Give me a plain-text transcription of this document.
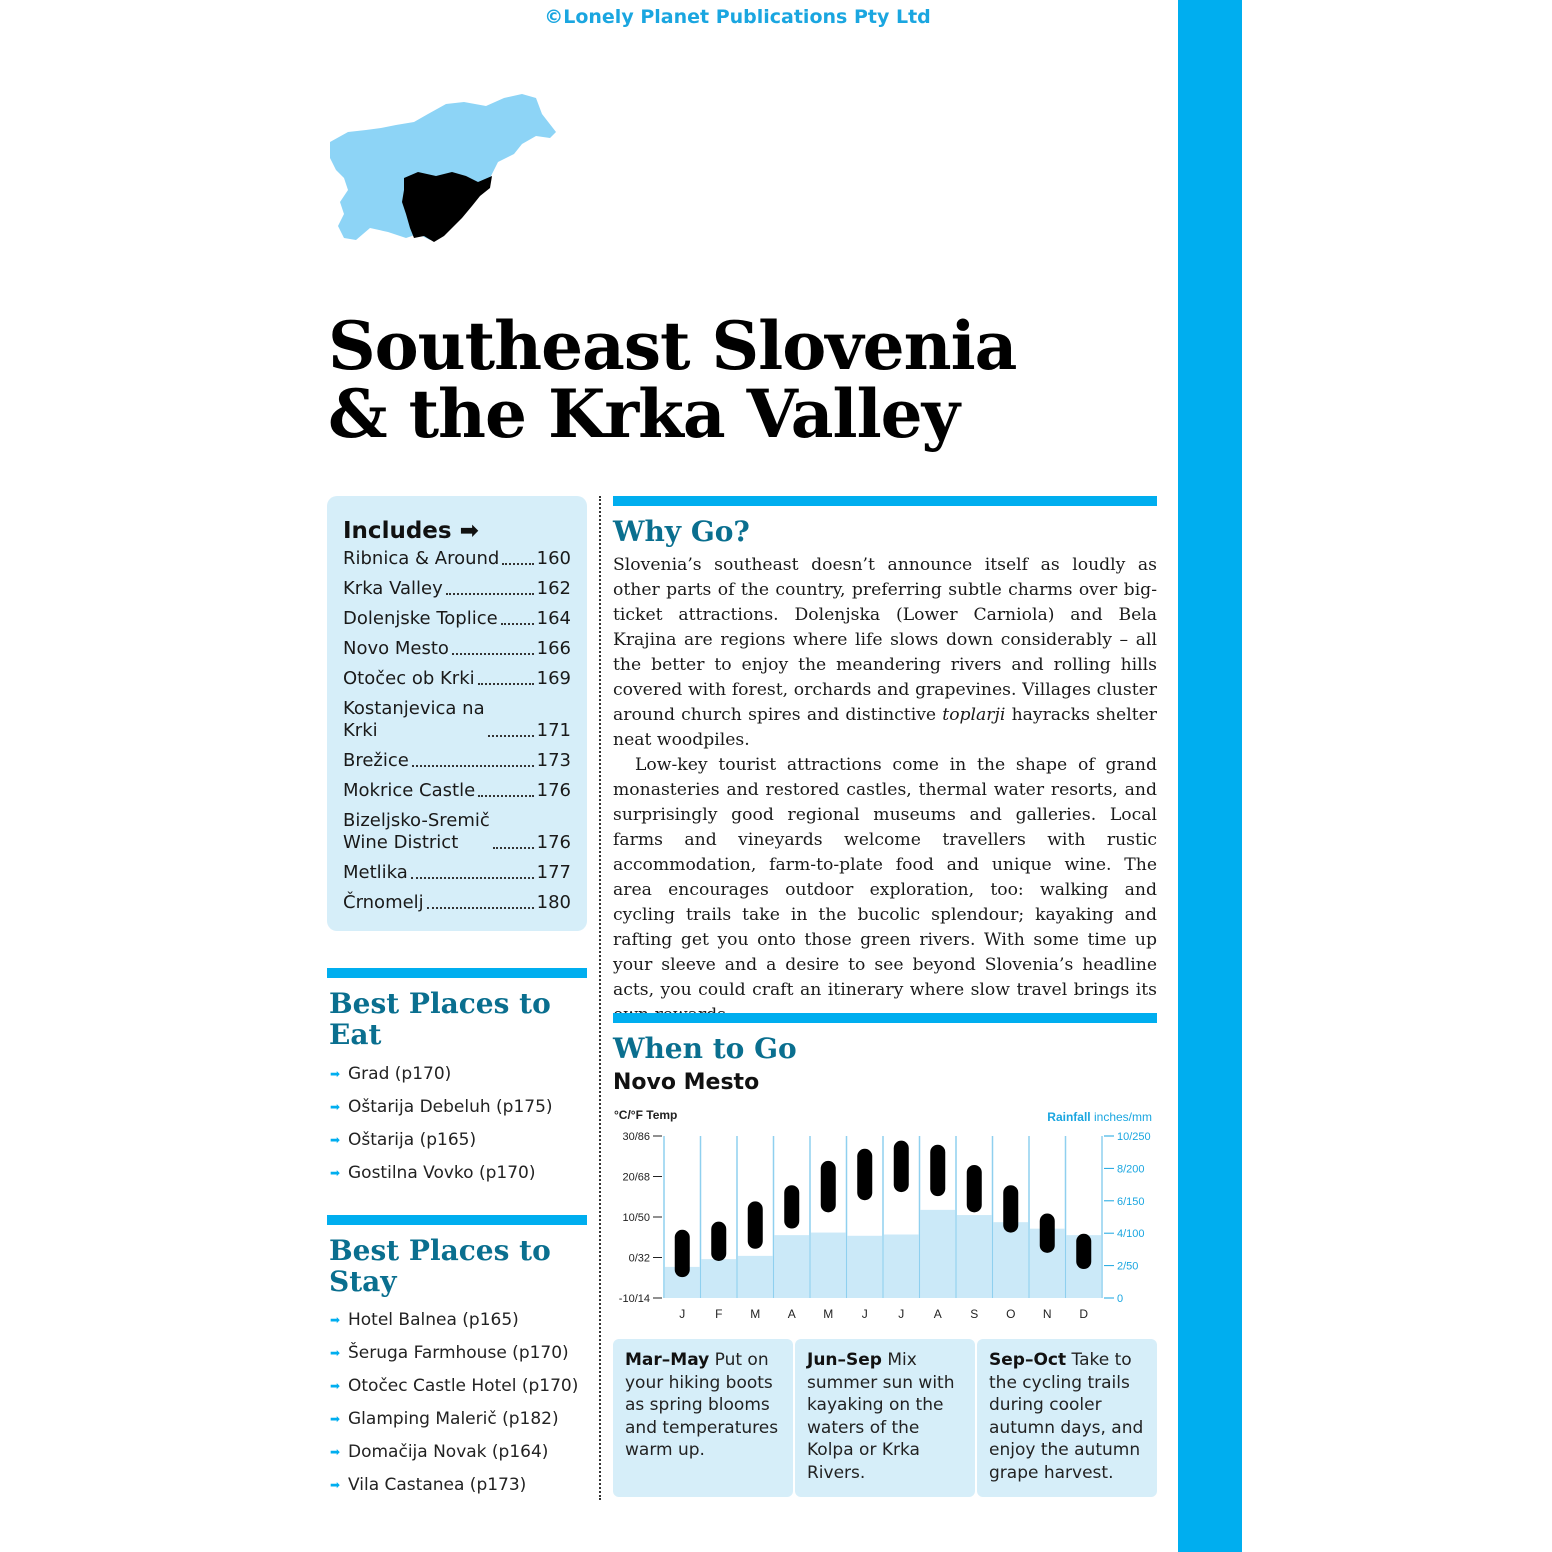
©Lonely Planet Publications Pty Ltd
Southeast Slovenia & the Krka Valley
Includes ➡
Ribnica & Around 160
Krka Valley	162
Dolenjske Toplice 164
Novo Mesto	166
Otočec ob Krki	169
Kostanjevica na
Krki	171
Brežice	173
Mokrice Castle	176
Bizeljsko-Sremič
Wine District	176
Metlika	177
Črnomelj	180
Best Places to Eat
➡ Grad (p170)
➡ Oštarija Debeluh (p175)
➡ Oštarija (p165)
➡ Gostilna Vovko (p170)
Best Places to Stay
➡ Hotel Balnea (p165)
➡ Šeruga Farmhouse (p170)
➡ Otočec Castle Hotel (p170)
➡ Glamping Malerič (p182)
➡ Domačija Novak (p164)
➡ Vila Castanea (p173)
Why Go?

Slovenia’s southeast doesn’t announce itself as loudly as other parts of the country, preferring subtle charms over big-ticket attractions. Dolenjska (Lower Carniola) and Bela Krajina are regions where life slows down considerably – all the better to enjoy the meandering rivers and rolling hills covered with forest, orchards and grapevines. Villages cluster around church spires and distinctive toplarji hayracks shelter neat woodpiles.

Low-key tourist attractions come in the shape of grand monasteries and restored castles, thermal water resorts, and surprisingly good regional museums and galleries. Local farms and vineyards welcome travellers with rustic accommodation, farm-to-plate food and unique wine. The area encourages outdoor exploration, too: walking and cycling trails take in the bucolic splendour; kayaking and rafting get you onto those green rivers. With some time up your sleeve and a desire to see beyond Slovenia’s headline acts, you could craft an itinerary where slow travel brings its

When to Go
Novo Mesto
°C/°F Temp	Rainfall inches/mm
30/86
20/68
10/50
0/32
-10/14
10/250
8/200
6/150
4/100
2/50
0
J F M A M J	J A S O N D
Mar–May Put on your hiking boots as spring blooms and temperatures warm up.
Jun–Sep Mix summer sun with kayaking on the waters of the Kolpa or Krka Rivers.
Sep–Oct Take to the cycling trails during cooler autumn days, and enjoy the autumn grape harvest.
